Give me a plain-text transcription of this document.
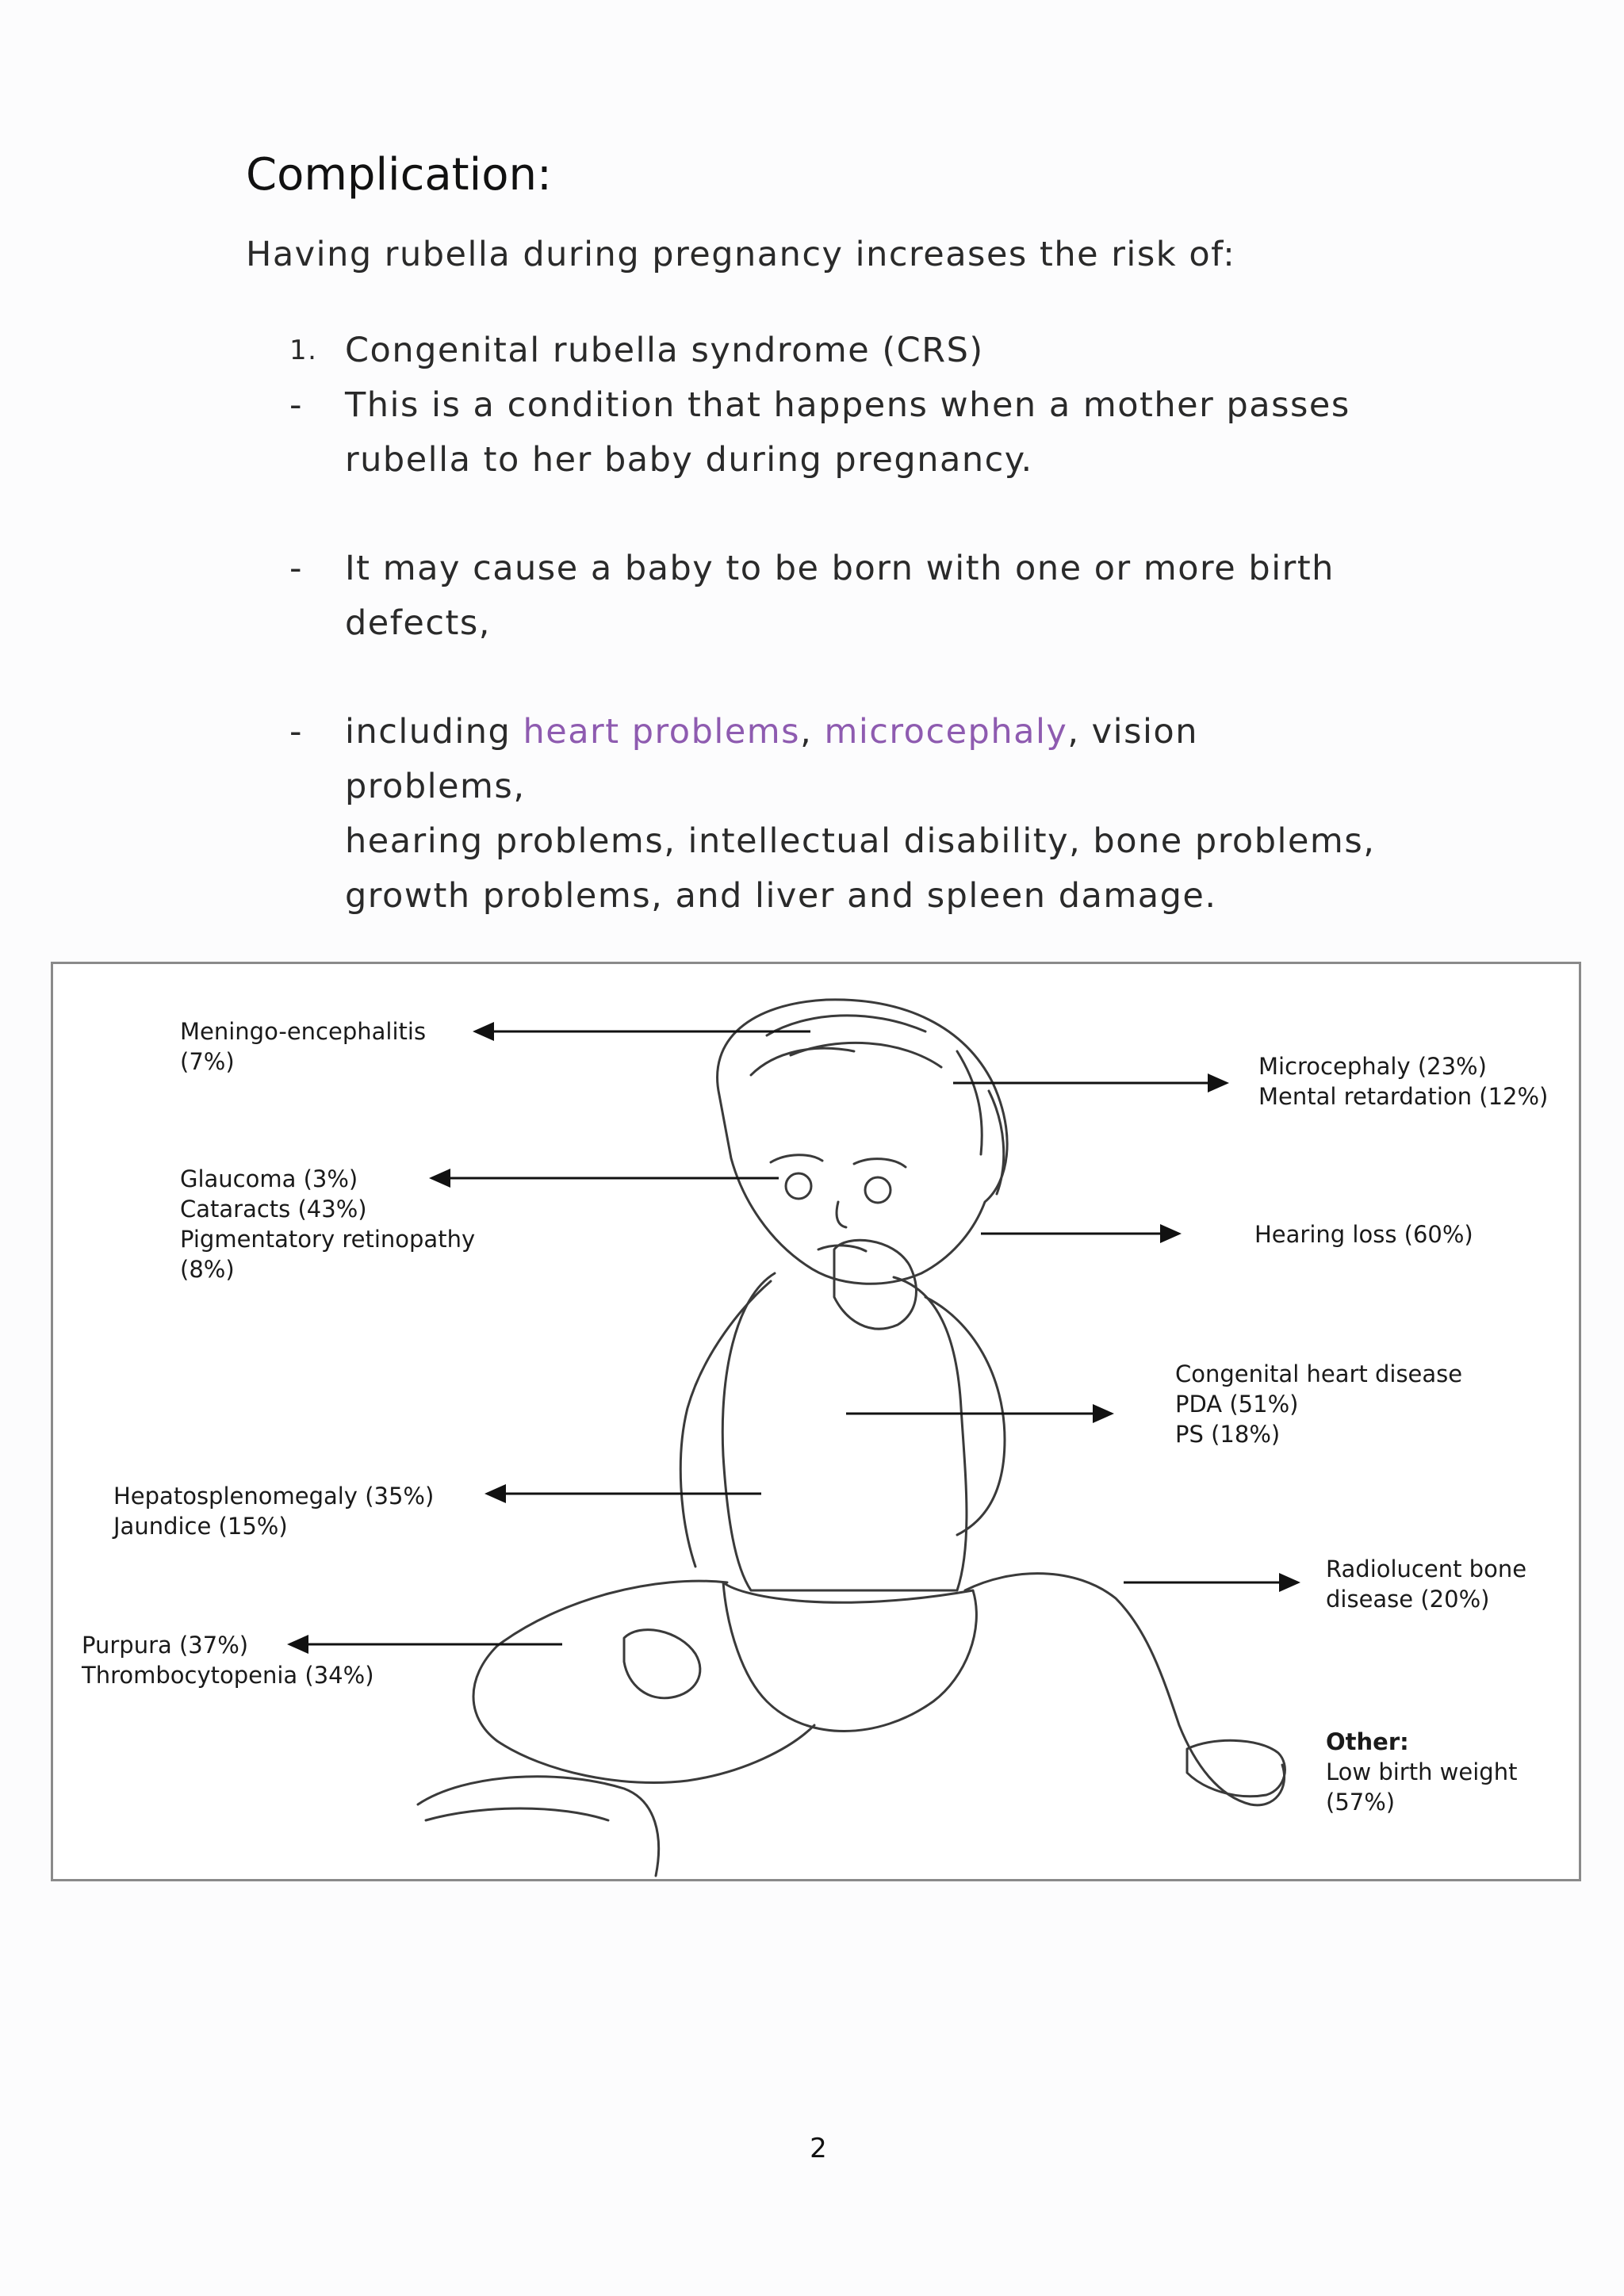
Complication:
Having rubella during pregnancy increases the risk of:
1. Congenital rubella syndrome (CRS)
- This is a condition that happens when a mother passes
rubella to her baby during pregnancy.
- It may cause a baby to be born with one or more birth
defects,
- including heart problems, microcephaly, vision problems,
hearing problems, intellectual disability, bone problems,
growth problems, and liver and spleen damage.
Meningo-encephalitis
(7%)	Microcephaly (23%)
Mental retardation (12%)
Glaucoma (3%)
Cataracts (43%)
Pigmentatory retinopathy
(8%)
Hearing loss (60%)
Congenital heart disease
PDA (51%)
PS (18%)
Hepatosplenomegaly (35%)
Jaundice (15%)
Radiolucent bone
disease (20%)
Purpura (37%)
Thrombocytopenia (34%)
Other:
Low birth weight
(57%)
2
